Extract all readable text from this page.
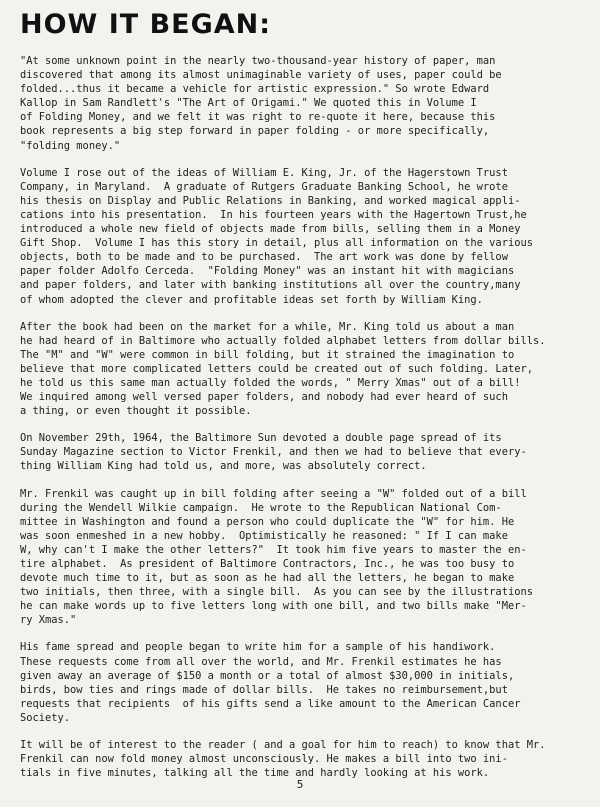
HOW IT BEGAN:

"At some unknown point in the nearly two-thousand-year history of paper, man
discovered that among its almost unimaginable variety of uses, paper could be
folded...thus it became a vehicle for artistic expression." So wrote Edward
Kallop in Sam Randlett's "The Art of Origami." We quoted this in Volume I
of Folding Money, and we felt it was right to re-quote it here, because this
book represents a big step forward in paper folding - or more specifically,
"folding money."

Volume I rose out of the ideas of William E. King, Jr. of the Hagerstown Trust
Company, in Maryland.  A graduate of Rutgers Graduate Banking School, he wrote
his thesis on Display and Public Relations in Banking, and worked magical appli-
cations into his presentation.  In his fourteen years with the Hagertown Trust,he
introduced a whole new field of objects made from bills, selling them in a Money
Gift Shop.  Volume I has this story in detail, plus all information on the various
objects, both to be made and to be purchased.  The art work was done by fellow
paper folder Adolfo Cerceda.  "Folding Money" was an instant hit with magicians
and paper folders, and later with banking institutions all over the country,many
of whom adopted the clever and profitable ideas set forth by William King.

After the book had been on the market for a while, Mr. King told us about a man
he had heard of in Baltimore who actually folded alphabet letters from dollar bills.
The "M" and "W" were common in bill folding, but it strained the imagination to
believe that more complicated letters could be created out of such folding. Later,
he told us this same man actually folded the words, " Merry Xmas" out of a bill!
We inquired among well versed paper folders, and nobody had ever heard of such
a thing, or even thought it possible.

On November 29th, 1964, the Baltimore Sun devoted a double page spread of its
Sunday Magazine section to Victor Frenkil, and then we had to believe that every-
thing William King had told us, and more, was absolutely correct.

Mr. Frenkil was caught up in bill folding after seeing a "W" folded out of a bill
during the Wendell Wilkie campaign.  He wrote to the Republican National Com-
mittee in Washington and found a person who could duplicate the "W" for him. He
was soon enmeshed in a new hobby.  Optimistically he reasoned: " If I can make
W, why can't I make the other letters?"  It took him five years to master the en-
tire alphabet.  As president of Baltimore Contractors, Inc., he was too busy to
devote much time to it, but as soon as he had all the letters, he began to make
two initials, then three, with a single bill.  As you can see by the illustrations
he can make words up to five letters long with one bill, and two bills make "Mer-
ry Xmas."

His fame spread and people began to write him for a sample of his handiwork.
These requests come from all over the world, and Mr. Frenkil estimates he has
given away an average of $150 a month or a total of almost $30,000 in initials,
birds, bow ties and rings made of dollar bills.  He takes no reimbursement,but
requests that recipients  of his gifts send a like amount to the American Cancer
Society.

It will be of interest to the reader ( and a goal for him to reach) to know that Mr.
Frenkil can now fold money almost unconsciously. He makes a bill into two ini-
tials in five minutes, talking all the time and hardly looking at his work.

5
